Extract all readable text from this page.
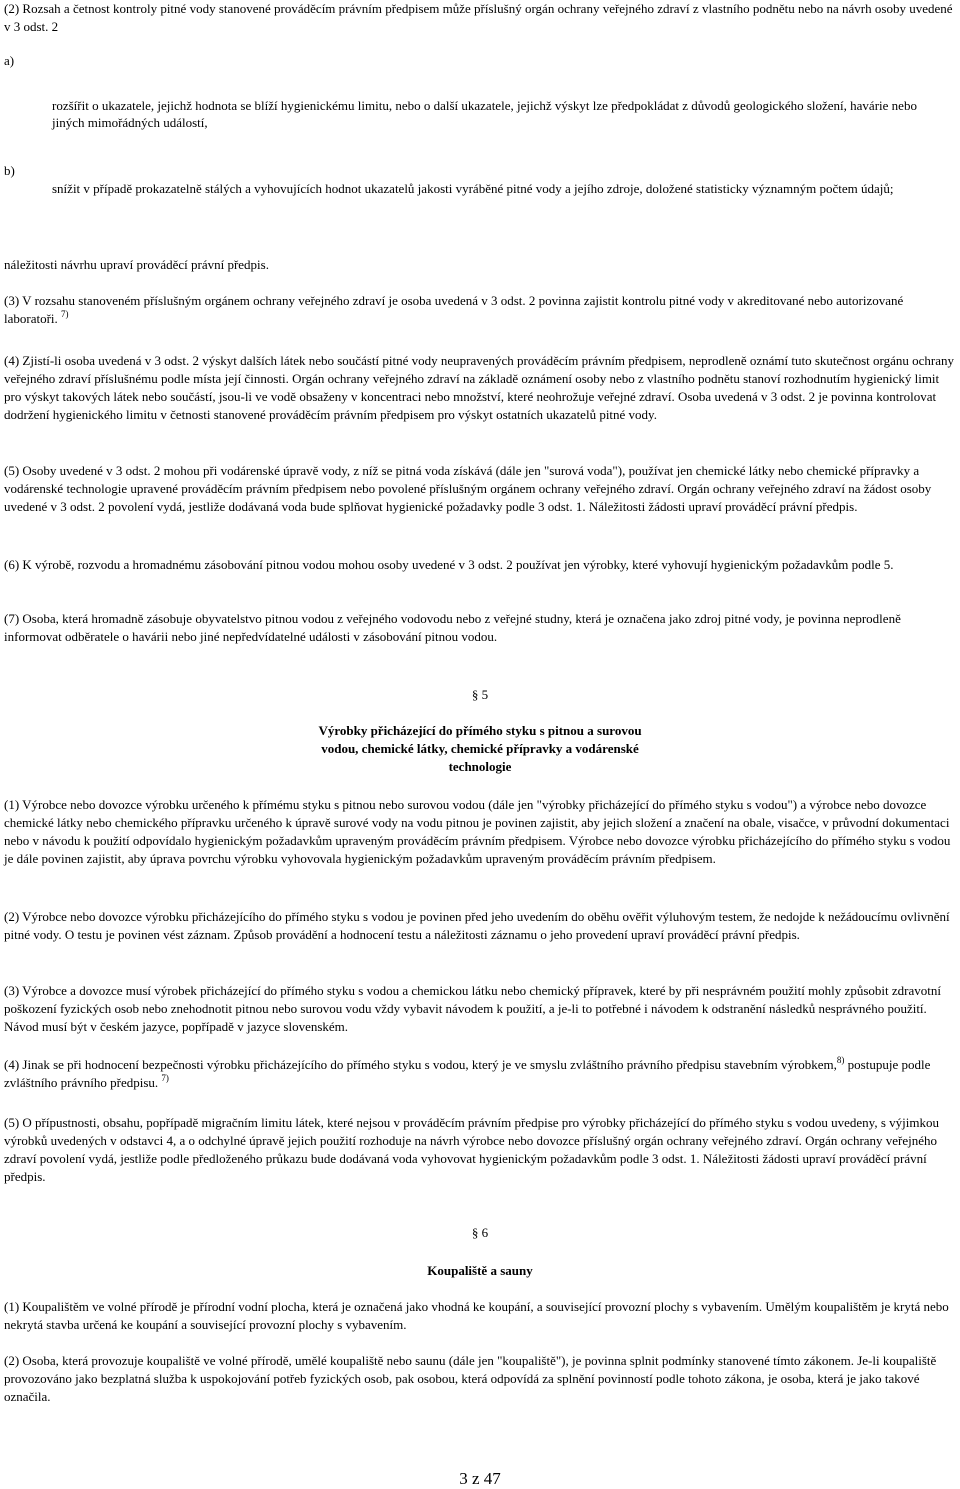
(2) Rozsah a četnost kontroly pitné vody stanovené prováděcím právním předpisem může příslušný orgán ochrany veřejného zdraví z vlastního podnětu nebo na návrh osoby uvedené v 3 odst. 2

a)

rozšířit o ukazatele, jejichž hodnota se blíží hygienickému limitu, nebo o další ukazatele, jejichž výskyt lze předpokládat z důvodů geologického složení, havárie nebo jiných mimořádných událostí,

b)

snížit v případě prokazatelně stálých a vyhovujících hodnot ukazatelů jakosti vyráběné pitné vody a jejího zdroje, doložené statisticky významným počtem údajů;

náležitosti návrhu upraví prováděcí právní předpis.

(3) V rozsahu stanoveném příslušným orgánem ochrany veřejného zdraví je osoba uvedená v 3 odst. 2 povinna zajistit kontrolu pitné vody v akreditované nebo autorizované laboratoři. $^{7)}$

(4) Zjistí-li osoba uvedená v 3 odst. 2 výskyt dalších látek nebo součástí pitné vody neupravených prováděcím právním předpisem, neprodleně oznámí tuto skutečnost orgánu ochrany veřejného zdraví příslušnému podle místa její činnosti. Orgán ochrany veřejného zdraví na základě oznámení osoby nebo z vlastního podnětu stanoví rozhodnutím hygienický limit pro výskyt takových látek nebo součástí, jsou-li ve vodě obsaženy v koncentraci nebo množství, které neohrožuje veřejné zdraví. Osoba uvedená v 3 odst. 2 je povinna kontrolovat dodržení hygienického limitu v četnosti stanovené prováděcím právním předpisem pro výskyt ostatních ukazatelů pitné vody.

(5) Osoby uvedené v 3 odst. 2 mohou při vodárenské úpravě vody, z níž se pitná voda získává (dále jen "surová voda"), používat jen chemické látky nebo chemické přípravky a vodárenské technologie upravené prováděcím právním předpisem nebo povolené příslušným orgánem ochrany veřejného zdraví. Orgán ochrany veřejného zdraví na žádost osoby uvedené v 3 odst. 2 povolení vydá, jestliže dodávaná voda bude splňovat hygienické požadavky podle 3 odst. 1. Náležitosti žádosti upraví prováděcí právní předpis.

(6) K výrobě, rozvodu a hromadnému zásobování pitnou vodou mohou osoby uvedené v 3 odst. 2 používat jen výrobky, které vyhovují hygienickým požadavkům podle 5.

(7) Osoba, která hromadně zásobuje obyvatelstvo pitnou vodou z veřejného vodovodu nebo z veřejné studny, která je označena jako zdroj pitné vody, je povinna neprodleně informovat odběratele o havárii nebo jiné nepředvídatelné události v zásobování pitnou vodou.

§ 5

Výrobky přicházející do přímého styku s pitnou a surovou

vodou, chemické látky, chemické přípravky a vodárenské

technologie

(1) Výrobce nebo dovozce výrobku určeného k přímému styku s pitnou nebo surovou vodou (dále jen "výrobky přicházející do přímého styku s vodou") a výrobce nebo dovozce chemické látky nebo chemického přípravku určeného k úpravě surové vody na vodu pitnou je povinen zajistit, aby jejich složení a značení na obale, visačce, v průvodní dokumentaci nebo v návodu k použití odpovídalo hygienickým požadavkům upraveným prováděcím právním předpisem. Výrobce nebo dovozce výrobku přicházejícího do přímého styku s vodou je dále povinen zajistit, aby úprava povrchu výrobku vyhovovala hygienickým požadavkům upraveným prováděcím právním předpisem.

(2) Výrobce nebo dovozce výrobku přicházejícího do přímého styku s vodou je povinen před jeho uvedením do oběhu ověřit výluhovým testem, že nedojde k nežádoucímu ovlivnění pitné vody. O testu je povinen vést záznam. Způsob provádění a hodnocení testu a náležitosti záznamu o jeho provedení upraví prováděcí právní předpis.

(3) Výrobce a dovozce musí výrobek přicházející do přímého styku s vodou a chemickou látku nebo chemický přípravek, které by při nesprávném použití mohly způsobit zdravotní poškození fyzických osob nebo znehodnotit pitnou nebo surovou vodu vždy vybavit návodem k použití, a je-li to potřebné i návodem k odstranění následků nesprávného použití. Návod musí být v českém jazyce, popřípadě v jazyce slovenském.

(4) Jinak se při hodnocení bezpečnosti výrobku přicházejícího do přímého styku s vodou, který je ve smyslu zvláštního právního předpisu stavebním výrobkem,$^{8)}$ postupuje podle zvláštního právního předpisu. $^{7)}$

(5) O přípustnosti, obsahu, popřípadě migračním limitu látek, které nejsou v prováděcím právním předpise pro výrobky přicházející do přímého styku s vodou uvedeny, s výjimkou výrobků uvedených v odstavci 4, a o odchylné úpravě jejich použití rozhoduje na návrh výrobce nebo dovozce příslušný orgán ochrany veřejného zdraví. Orgán ochrany veřejného zdraví povolení vydá, jestliže podle předloženého průkazu bude dodávaná voda vyhovovat hygienickým požadavkům podle 3 odst. 1. Náležitosti žádosti upraví prováděcí právní předpis.

§ 6

Koupaliště a sauny

(1) Koupalištěm ve volné přírodě je přírodní vodní plocha, která je označená jako vhodná ke koupání, a související provozní plochy s vybavením. Umělým koupalištěm je krytá nebo nekrytá stavba určená ke koupání a související provozní plochy s vybavením.

(2) Osoba, která provozuje koupaliště ve volné přírodě, umělé koupaliště nebo saunu (dále jen "koupaliště"), je povinna splnit podmínky stanovené tímto zákonem. Je-li koupaliště provozováno jako bezplatná služba k uspokojování potřeb fyzických osob, pak osobou, která odpovídá za splnění povinností podle tohoto zákona, je osoba, která je jako takové označila.

3 z 47
